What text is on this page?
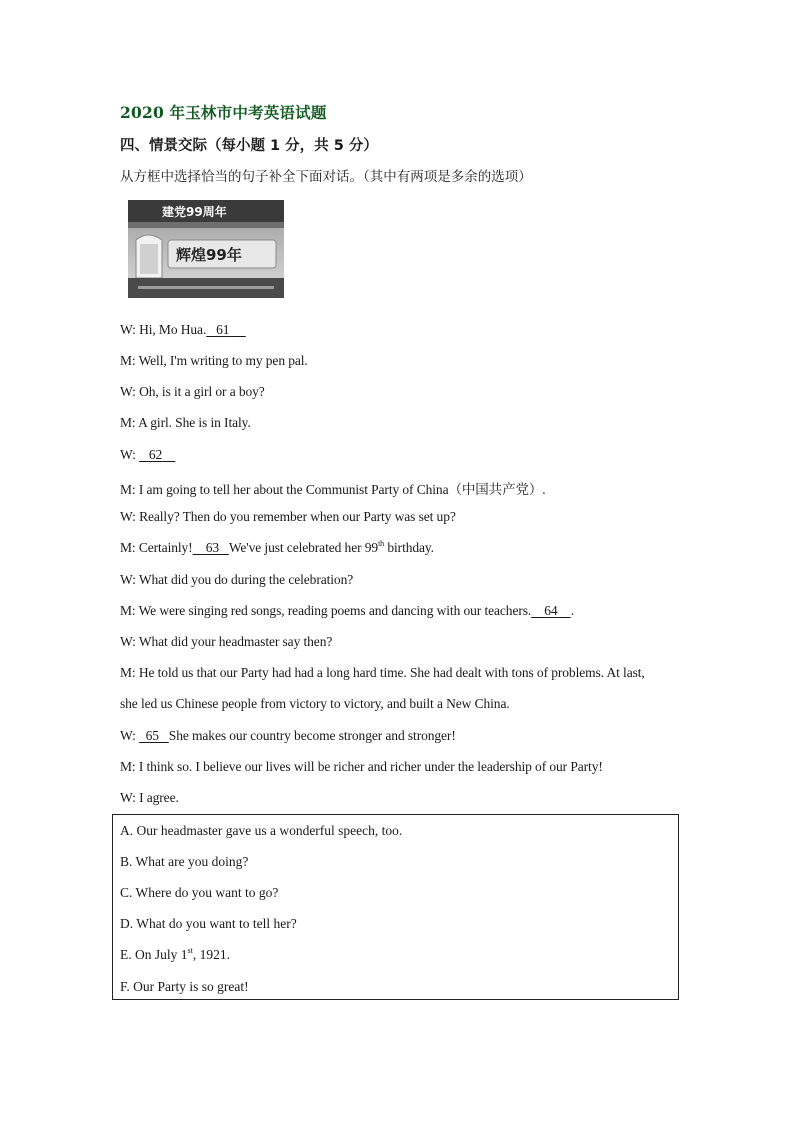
2020 年玉林市中考英语试题
四、情景交际（每小题 1 分，共 5 分）
从方框中选择恰当的句子补全下面对话。（其中有两项是多余的选项）
建党99周年
辉煌99年
W: Hi, Mo Hua. 61
M: Well, I'm writing to my pen pal.
W: Oh, is it a girl or a boy?
M: A girl. She is in Italy.
W: 62
M: I am going to tell her about the Communist Party of China（中国共产党）.
W: Really? Then do you remember when our Party was set up?
M: Certainly! 63 We've just celebrated her 99th birthday.
W: What did you do during the celebration?
M: We were singing red songs, reading poems and dancing with our teachers. 64 .
W: What did your headmaster say then?
M: He told us that our Party had had a long hard time. She had dealt with tons of problems. At last,
she led us Chinese people from victory to victory, and built a New China.
W: 65 She makes our country become stronger and stronger!
M: I think so. I believe our lives will be richer and richer under the leadership of our Party!
W: I agree.
A. Our headmaster gave us a wonderful speech, too.
B. What are you doing?
C. Where do you want to go?
D. What do you want to tell her?
E. On July 1st, 1921.
F. Our Party is so great!
